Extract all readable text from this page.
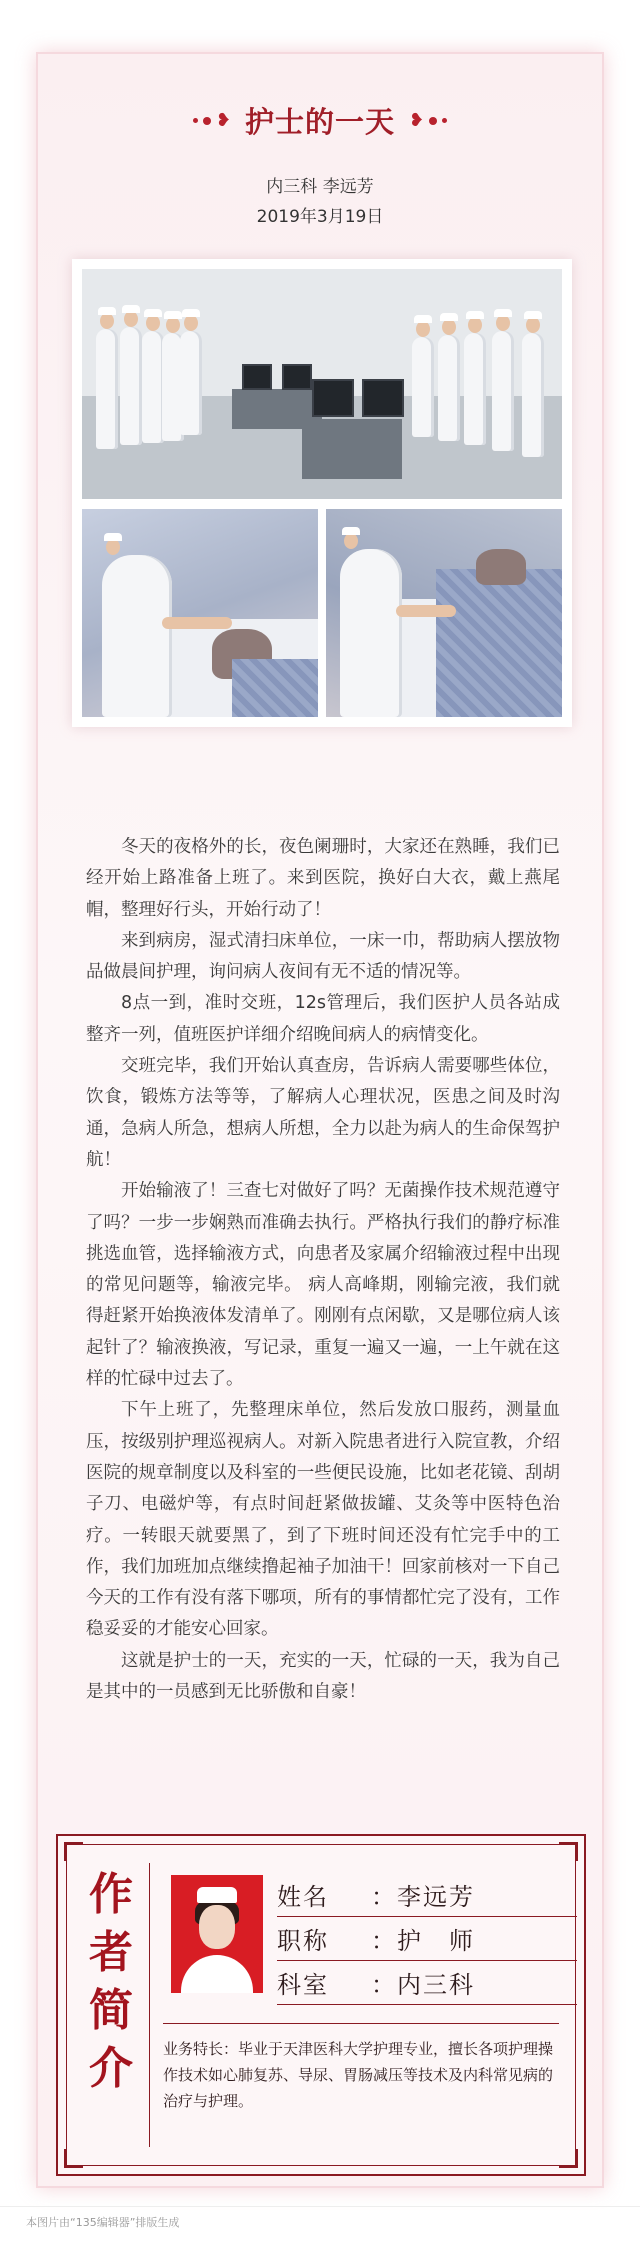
❥ 护士的一天 ❥
内三科 李远芳
2019年3月19日

冬天的夜格外的长，夜色阑珊时，大家还在熟睡，我们已经开始上路准备上班了。来到医院，换好白大衣，戴上燕尾帽，整理好行头，开始行动了！

来到病房，湿式清扫床单位，一床一巾，帮助病人摆放物品做晨间护理，询问病人夜间有无不适的情况等。

8点一到，准时交班，12s管理后，我们医护人员各站成整齐一列，值班医护详细介绍晚间病人的病情变化。

交班完毕，我们开始认真查房，告诉病人需要哪些体位，饮食，锻炼方法等等，了解病人心理状况，医患之间及时沟通，急病人所急，想病人所想，全力以赴为病人的生命保驾护航！

开始输液了！三查七对做好了吗？无菌操作技术规范遵守了吗？一步一步娴熟而准确去执行。严格执行我们的静疗标准挑选血管，选择输液方式，向患者及家属介绍输液过程中出现的常见问题等，输液完毕。 病人高峰期，刚输完液，我们就得赶紧开始换液体发清单了。刚刚有点闲歇，又是哪位病人该起针了？输液换液，写记录，重复一遍又一遍，一上午就在这样的忙碌中过去了。

下午上班了，先整理床单位，然后发放口服药，测量血压，按级别护理巡视病人。对新入院患者进行入院宣教，介绍医院的规章制度以及科室的一些便民设施，比如老花镜、刮胡子刀、电磁炉等，有点时间赶紧做拔罐、艾灸等中医特色治疗。一转眼天就要黑了，到了下班时间还没有忙完手中的工作，我们加班加点继续撸起袖子加油干！回家前核对一下自己今天的工作有没有落下哪项，所有的事情都忙完了没有，工作稳妥妥的才能安心回家。

这就是护士的一天，充实的一天，忙碌的一天，我为自己是其中的一员感到无比骄傲和自豪！

作
者
简
介
姓名	： 李远芳
职称	： 护　师
科室	： 内三科
业务特长：毕业于天津医科大学护理专业，擅长各项护理操作技术如心肺复苏、导尿、胃肠减压等技术及内科常见病的治疗与护理。
本图片由“135编辑器”排版生成
